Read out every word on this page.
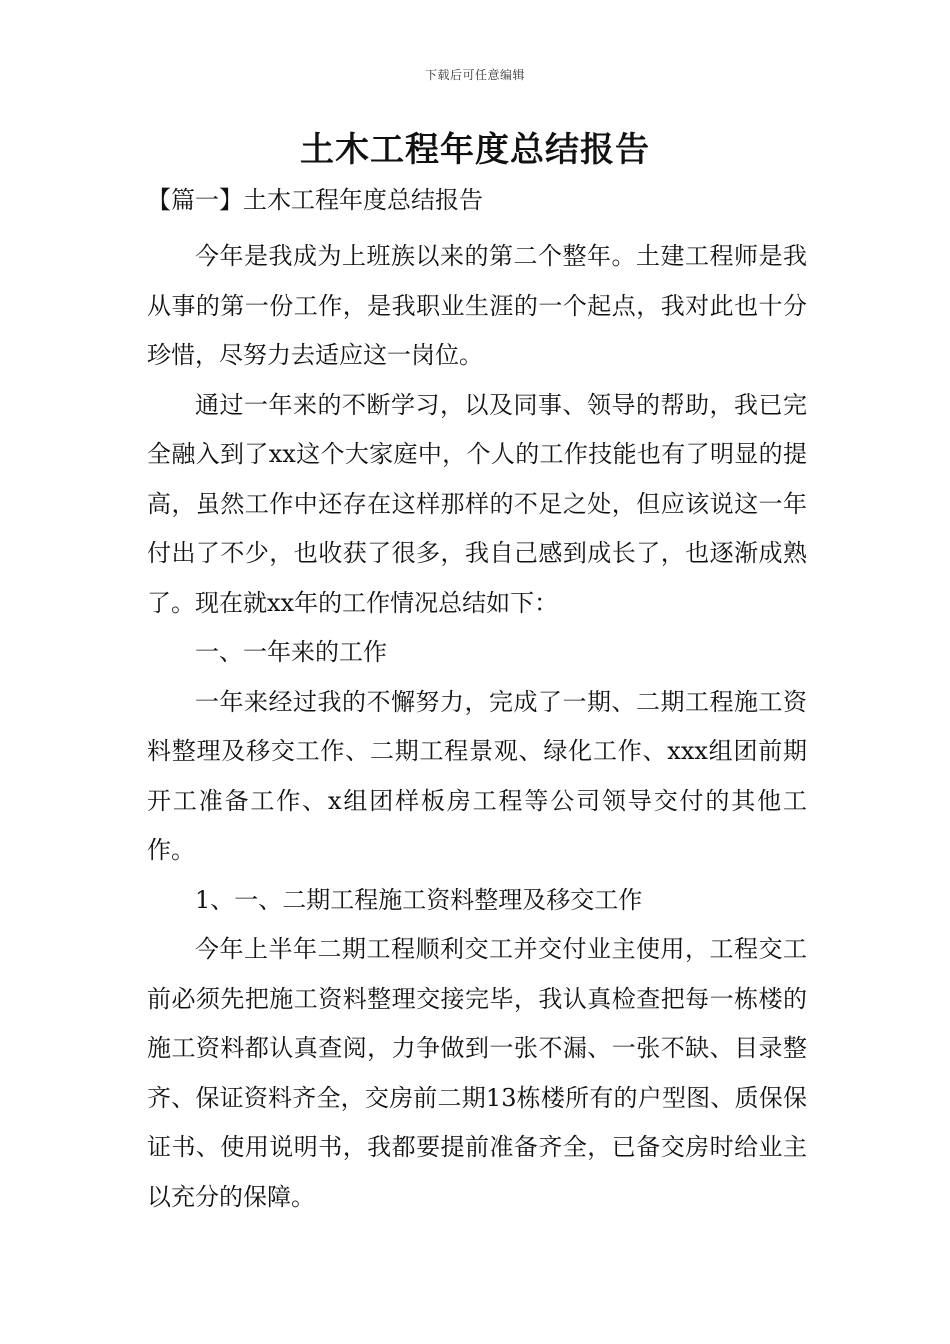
下载后可任意编辑
土木工程年度总结报告

【篇一】土木工程年度总结报告

今年是我成为上班族以来的第二个整年。土建工程师是我从事的第一份工作，是我职业生涯的一个起点，我对此也十分珍惜，尽努力去适应这一岗位。

通过一年来的不断学习，以及同事、领导的帮助，我已完全融入到了xx这个大家庭中，个人的工作技能也有了明显的提高，虽然工作中还存在这样那样的不足之处，但应该说这一年付出了不少，也收获了很多，我自己感到成长了，也逐渐成熟了。现在就xx年的工作情况总结如下：

一、一年来的工作

一年来经过我的不懈努力，完成了一期、二期工程施工资料整理及移交工作、二期工程景观、绿化工作、xxx组团前期开工准备工作、x组团样板房工程等公司领导交付的其他工作。

1、一、二期工程施工资料整理及移交工作

今年上半年二期工程顺利交工并交付业主使用，工程交工前必须先把施工资料整理交接完毕，我认真检查把每一栋楼的施工资料都认真查阅，力争做到一张不漏、一张不缺、目录整齐、保证资料齐全，交房前二期13栋楼所有的户型图、质保保证书、使用说明书，我都要提前准备齐全，已备交房时给业主以充分的保障。
